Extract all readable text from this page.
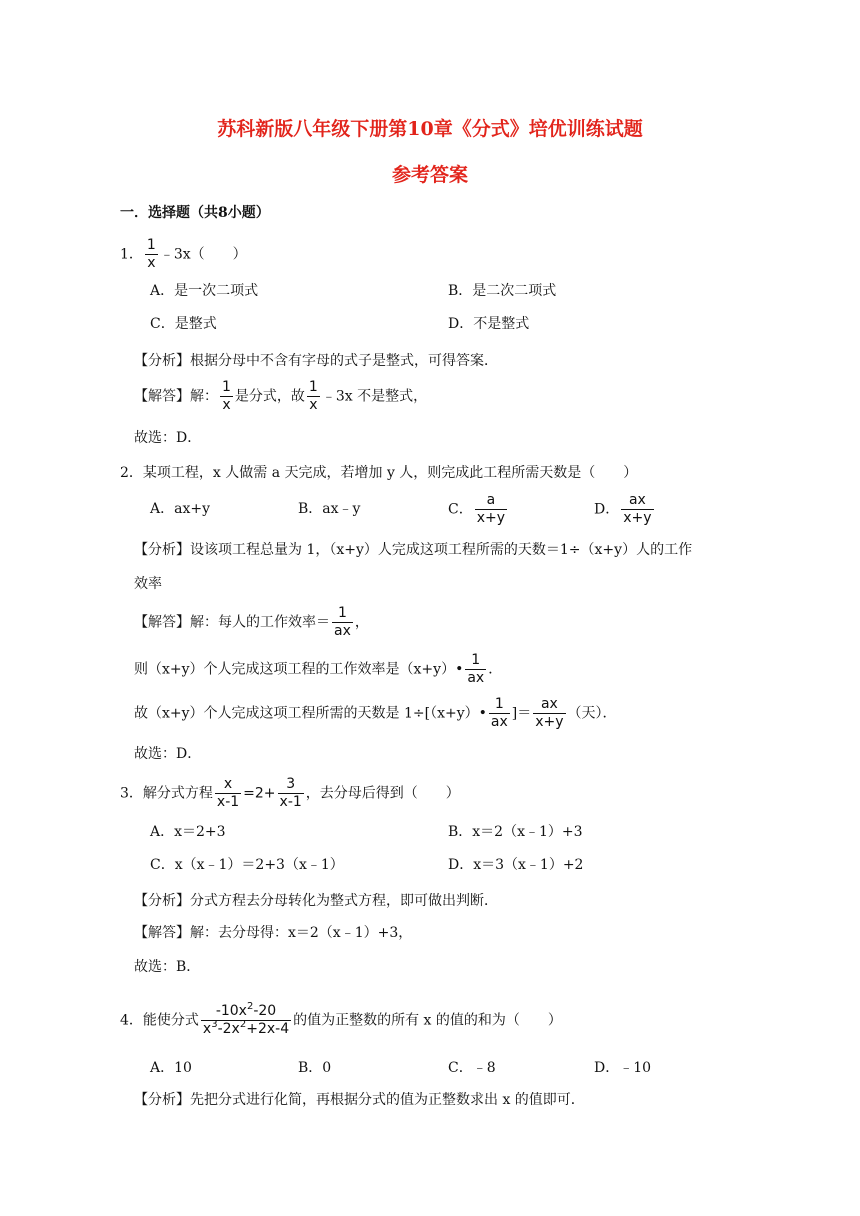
苏科新版八年级下册第10章《分式》培优训练试题
参考答案
一．选择题（共8小题）
1． $\frac{1}{x}$ ﹣3x（　　）
A．是一次二项式	B．是二次二项式
C．是整式	D．不是整式
【分析】根据分母中不含有字母的式子是整式，可得答案．
【解答】解： $\frac{1}{x}$ 是分式，故 $\frac{1}{x}$ ﹣3x 不是整式，
故选：D．
2．某项工程，x 人做需 a 天完成，若增加 y 人，则完成此工程所需天数是（　　）
A．ax+y	B．ax﹣y	C． $\frac{a}{x+y}$	D． $\frac{ax}{x+y}$
【分析】设该项工程总量为 1，（x+y）人完成这项工程所需的天数＝1÷（x+y）人的工作
效率
【解答】解：每人的工作效率＝ $\frac{1}{ax}$ ，
则（x+y）个人完成这项工程的工作效率是（x+y）• $\frac{1}{ax}$ ．
故（x+y）个人完成这项工程所需的天数是 1÷[（x+y）• $\frac{1}{ax}$ ]＝ $\frac{ax}{x+y}$ （天）．
故选：D．
3．解分式方程 $\frac{x}{x-1} =2+ \frac{3}{x-1}$ ，去分母后得到（　　）
A．x＝2+3	B．x＝2（x﹣1）+3
C．x（x﹣1）＝2+3（x﹣1）	D．x＝3（x﹣1）+2
【分析】分式方程去分母转化为整式方程，即可做出判断．
【解答】解：去分母得：x＝2（x﹣1）+3，
故选：B．
4．能使分式 $\frac{-10x^2-20}{x^3-2x^2+2x-4}$ 的值为正整数的所有 x 的值的和为（　　）
A．10	B．0	C．﹣8	D．﹣10
【分析】先把分式进行化简，再根据分式的值为正整数求出 x 的值即可．
